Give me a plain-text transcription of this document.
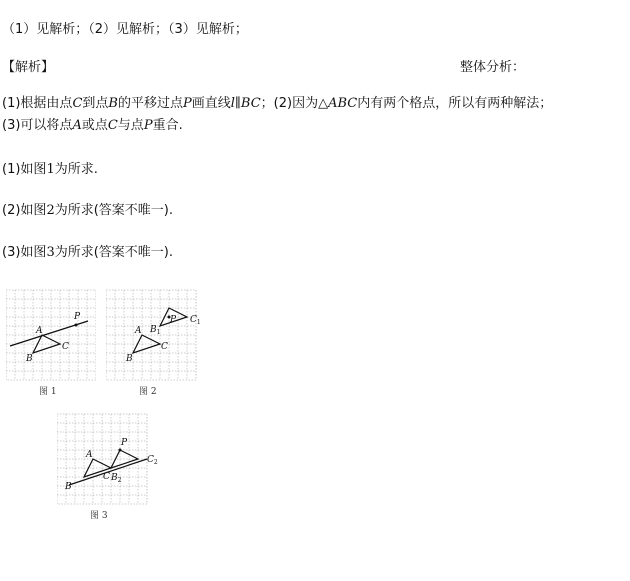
（1）见解析；（2）见解析；（3）见解析；
【解析】	整体分析：
(1)根据由点C到点B的平移过点P画直线l∥BC；(2)因为△ABC内有两个格点，所以有两种解法；
(3)可以将点A或点C与点P重合.
(1)如图1为所求.
(2)如图2为所求(答案不唯一).
(3)如图3为所求(答案不唯一).
A
B
C
P
图 1
A
B
C
P
$B_1$
$C_1$
图 2
A
B
C
P
$B_2$
$C_2$
图 3
